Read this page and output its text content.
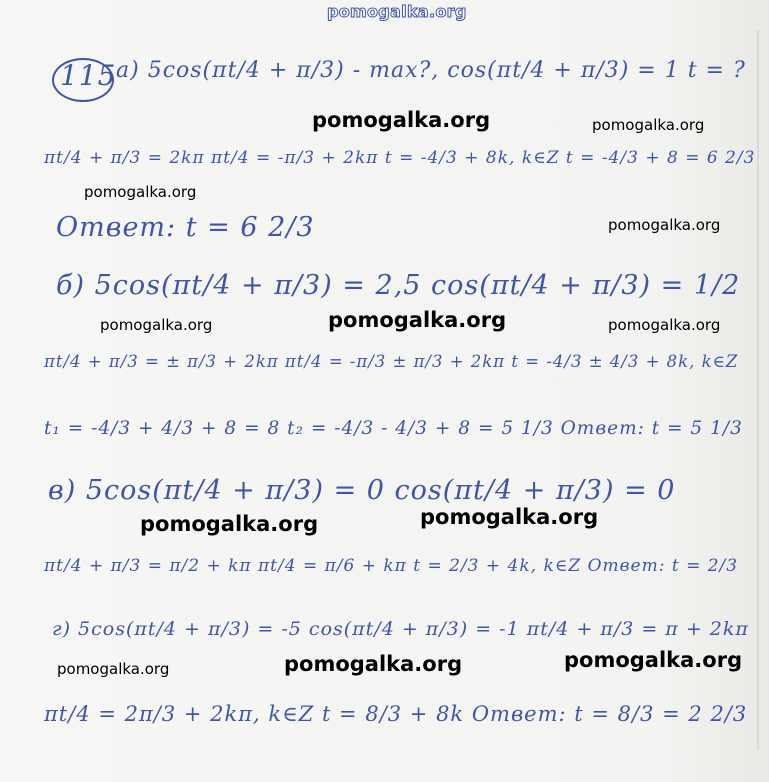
pomogalka.org
115 а) 5cos(πt/4 + π/3) - max?, cos(πt/4 + π/3) = 1 t = ?
πt/4 + π/3 = 2kπ πt/4 = -π/3 + 2kπ t = -4/3 + 8k, k∈Z t = -4/3 + 8 = 6 2/3
Ответ: t = 6 2/3
б) 5cos(πt/4 + π/3) = 2,5 cos(πt/4 + π/3) = 1/2
πt/4 + π/3 = ± π/3 + 2kπ πt/4 = -π/3 ± π/3 + 2kπ t = -4/3 ± 4/3 + 8k, k∈Z
t₁ = -4/3 + 4/3 + 8 = 8 t₂ = -4/3 - 4/3 + 8 = 5 1/3 Ответ: t = 5 1/3
в) 5cos(πt/4 + π/3) = 0 cos(πt/4 + π/3) = 0
πt/4 + π/3 = π/2 + kπ πt/4 = π/6 + kπ t = 2/3 + 4k, k∈Z Ответ: t = 2/3
г) 5cos(πt/4 + π/3) = -5 cos(πt/4 + π/3) = -1 πt/4 + π/3 = π + 2kπ
πt/4 = 2π/3 + 2kπ, k∈Z t = 8/3 + 8k Ответ: t = 8/3 = 2 2/3
pomogalka.org	pomogalka.org
pomogalka.org
pomogalka.org
pomogalka.org	pomogalka.org	pomogalka.org
pomogalka.org	pomogalka.org
pomogalka.org	pomogalka.org	pomogalka.org
